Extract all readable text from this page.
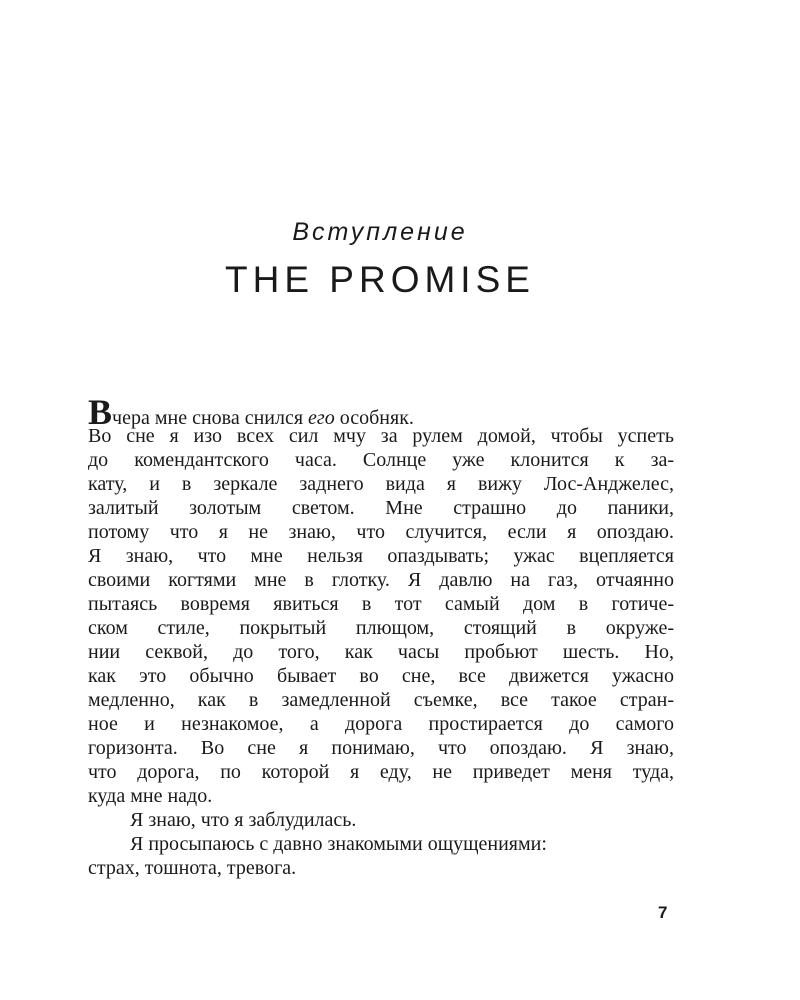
Вступление
THE PROMISE
Вчера мне снова снился его особняк.
Во сне я изо всех сил мчу за рулем домой, чтобы успеть
до комендантского часа. Солнце уже клонится к за-
кату, и в зеркале заднего вида я вижу Лос-Анджелес,
залитый золотым светом. Мне страшно до паники,
потому что я не знаю, что случится, если я опоздаю.
Я знаю, что мне нельзя опаздывать; ужас вцепляется
своими когтями мне в глотку. Я давлю на газ, отчаянно
пытаясь вовремя явиться в тот самый дом в готиче-
ском стиле, покрытый плющом, стоящий в окруже-
нии секвой, до того, как часы пробьют шесть. Но,
как это обычно бывает во сне, все движется ужасно
медленно, как в замедленной съемке, все такое стран-
ное и незнакомое, а дорога простирается до самого
горизонта. Во сне я понимаю, что опоздаю. Я знаю,
что дорога, по которой я еду, не приведет меня туда,
куда мне надо.
Я знаю, что я заблудилась.
Я просыпаюсь с давно знакомыми ощущениями:
страх, тошнота, тревога.
7
